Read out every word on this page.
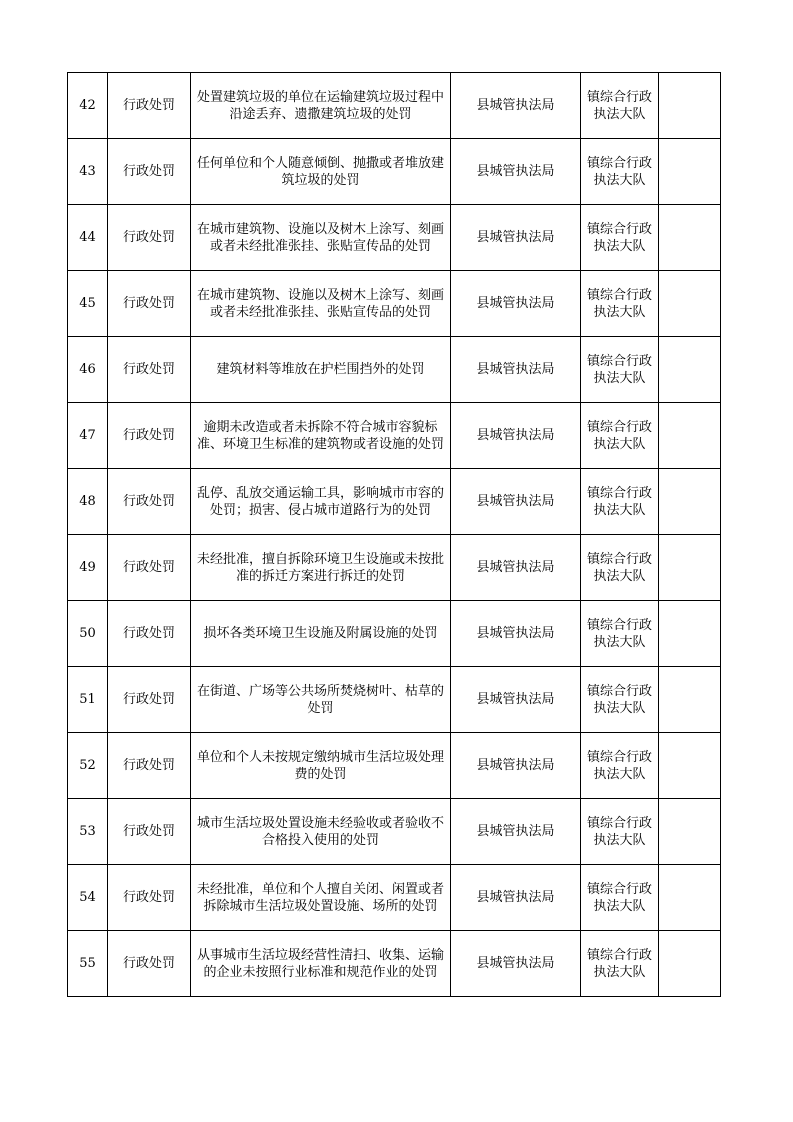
42	行政处罚	处置建筑垃圾的单位在运输建筑垃圾过程中沿途丢弃、遗撒建筑垃圾的处罚	县城管执法局	镇综合行政执法大队	
43	行政处罚	任何单位和个人随意倾倒、抛撒或者堆放建筑垃圾的处罚	县城管执法局	镇综合行政执法大队	
44	行政处罚	在城市建筑物、设施以及树木上涂写、刻画或者未经批准张挂、张贴宣传品的处罚	县城管执法局	镇综合行政执法大队	
45	行政处罚	在城市建筑物、设施以及树木上涂写、刻画或者未经批准张挂、张贴宣传品的处罚	县城管执法局	镇综合行政执法大队	
46	行政处罚	建筑材料等堆放在护栏围挡外的处罚	县城管执法局	镇综合行政执法大队	
47	行政处罚	逾期未改造或者未拆除不符合城市容貌标准、环境卫生标准的建筑物或者设施的处罚	县城管执法局	镇综合行政执法大队	
48	行政处罚	乱停、乱放交通运输工具，影响城市市容的处罚；损害、侵占城市道路行为的处罚	县城管执法局	镇综合行政执法大队	
49	行政处罚	未经批准，擅自拆除环境卫生设施或未按批准的拆迁方案进行拆迁的处罚	县城管执法局	镇综合行政执法大队	
50	行政处罚	损坏各类环境卫生设施及附属设施的处罚	县城管执法局	镇综合行政执法大队	
51	行政处罚	在街道、广场等公共场所焚烧树叶、枯草的处罚	县城管执法局	镇综合行政执法大队	
52	行政处罚	单位和个人未按规定缴纳城市生活垃圾处理费的处罚	县城管执法局	镇综合行政执法大队	
53	行政处罚	城市生活垃圾处置设施未经验收或者验收不合格投入使用的处罚	县城管执法局	镇综合行政执法大队	
54	行政处罚	未经批准，单位和个人擅自关闭、闲置或者拆除城市生活垃圾处置设施、场所的处罚	县城管执法局	镇综合行政执法大队	
55	行政处罚	从事城市生活垃圾经营性清扫、收集、运输的企业未按照行业标准和规范作业的处罚	县城管执法局	镇综合行政执法大队	
